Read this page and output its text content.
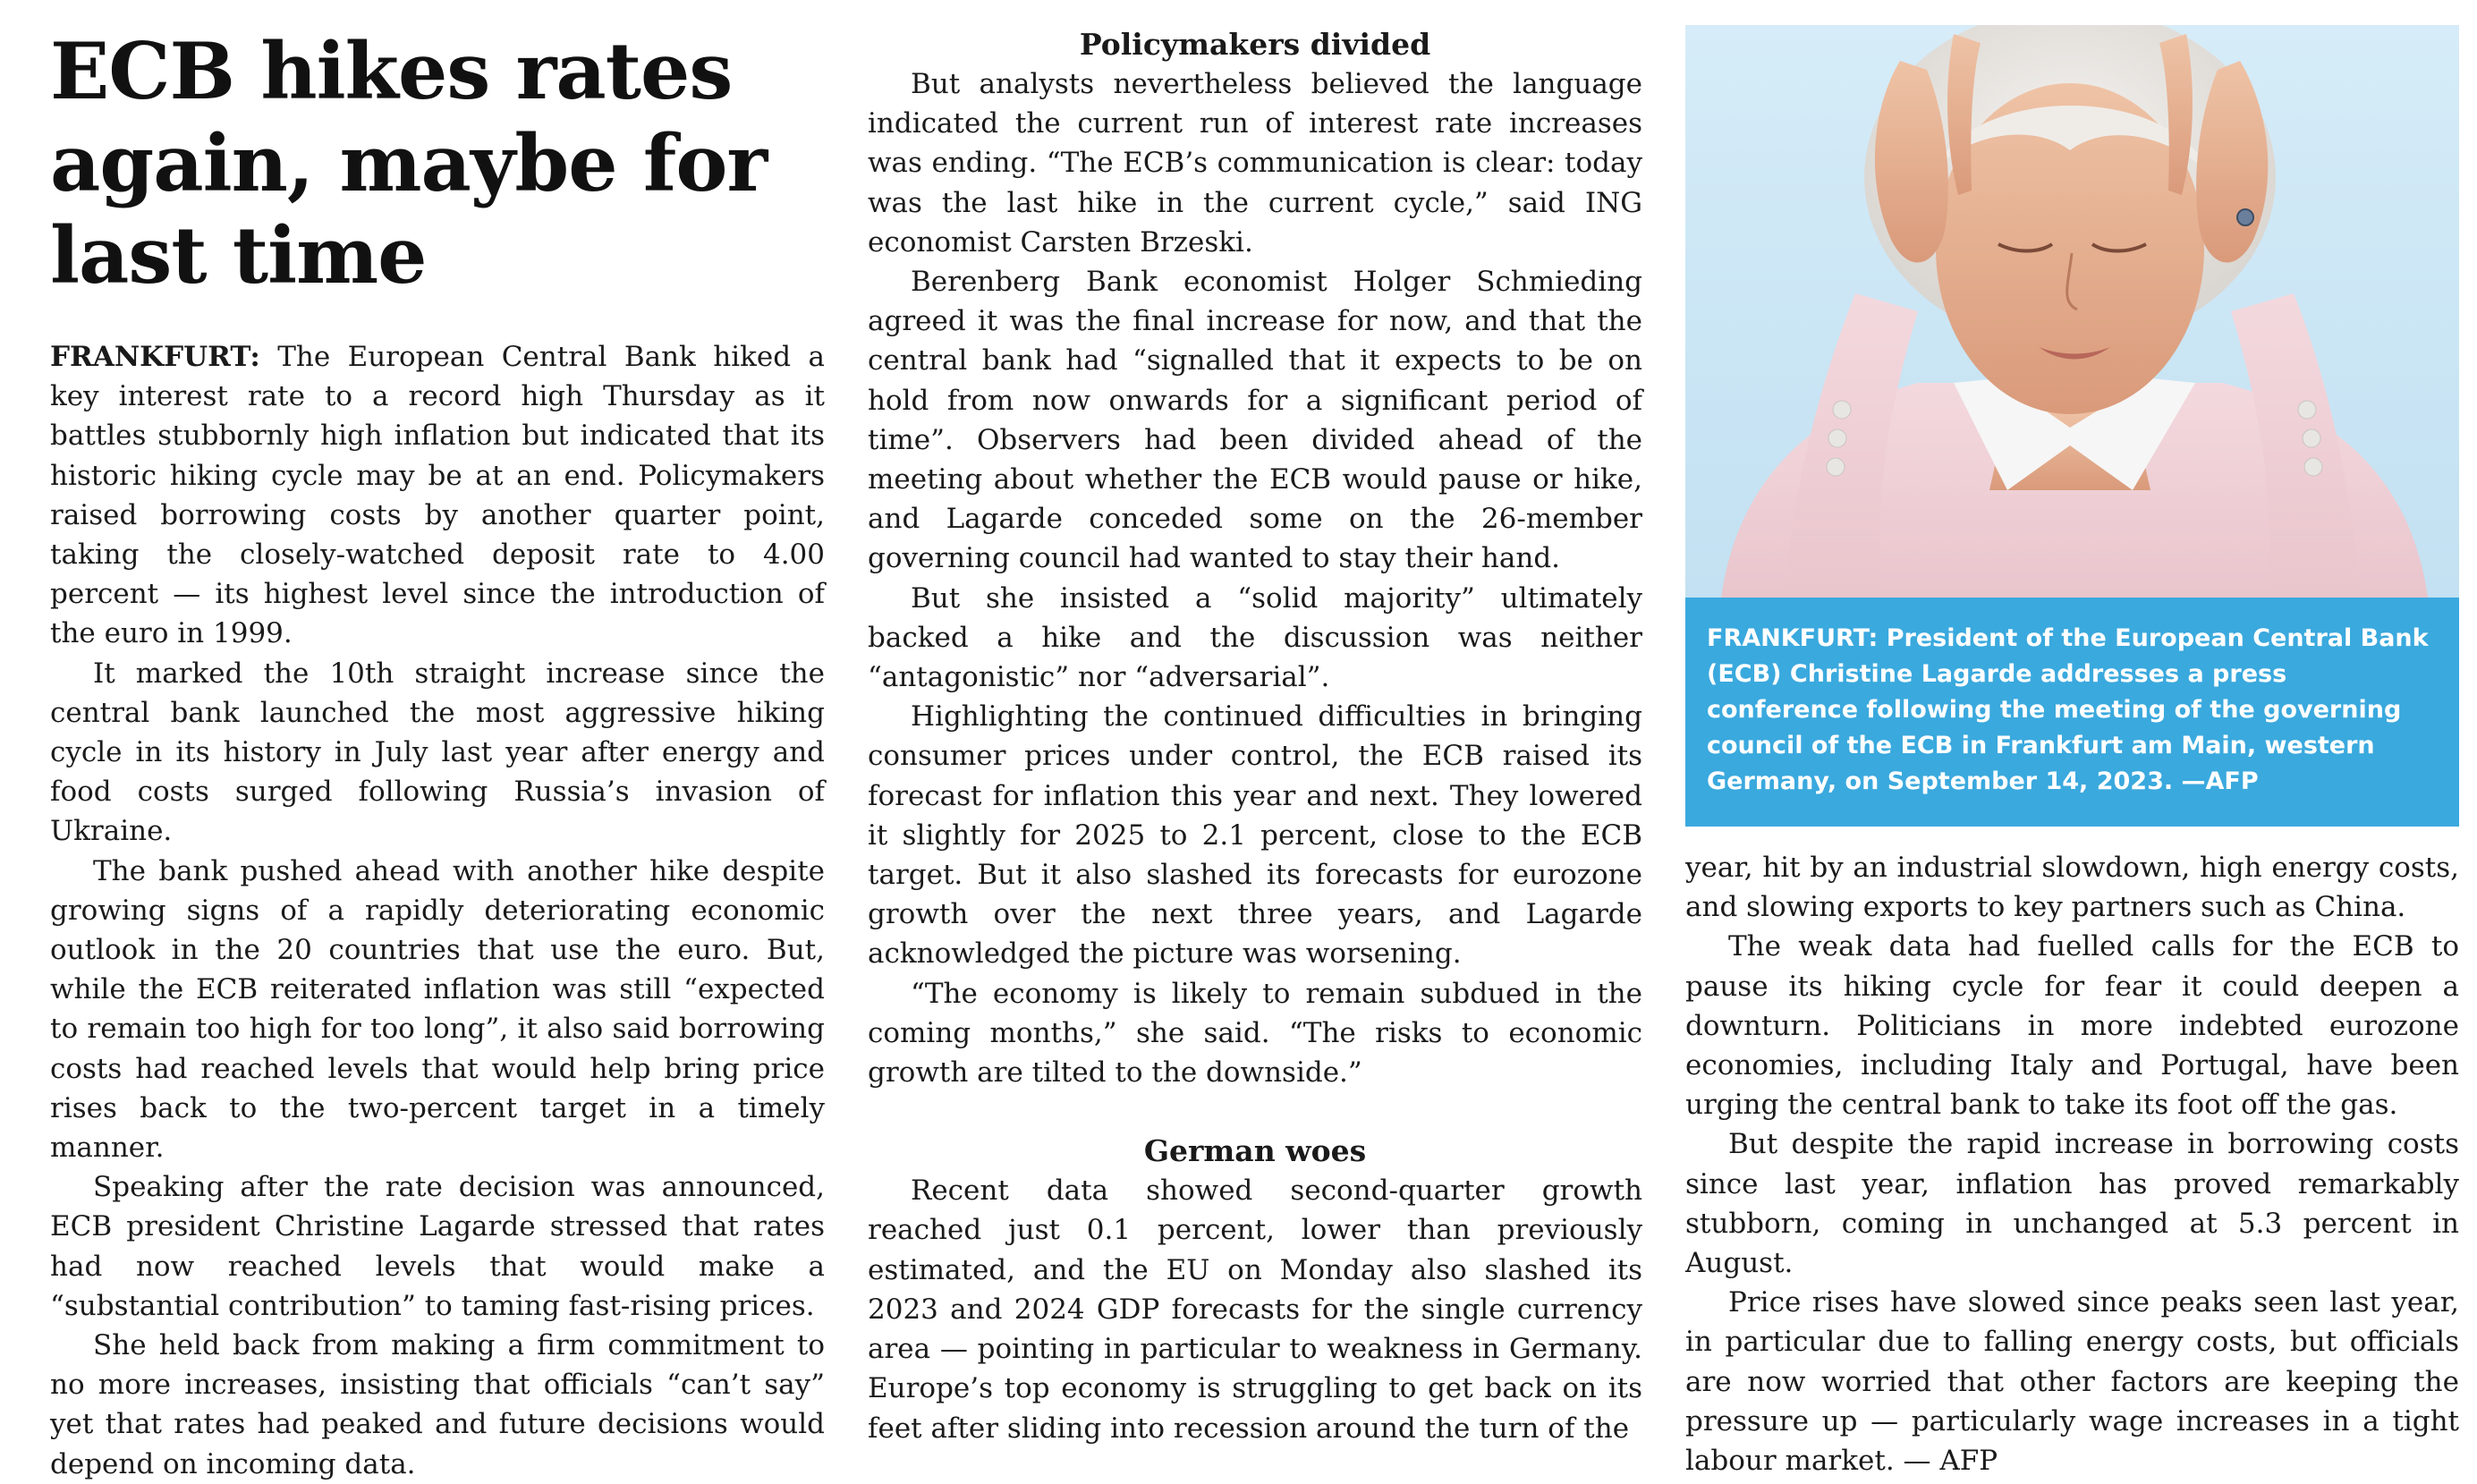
ECB hikes rates again, maybe for last time

FRANKFURT: The European Central Bank hiked a key interest rate to a record high Thursday as it battles stubbornly high inflation but indicated that its historic hiking cycle may be at an end. Policymakers raised borrowing costs by another quarter point, taking the closely-watched deposit rate to 4.00 percent — its highest level since the introduction of the euro in 1999.

It marked the 10th straight increase since the central bank launched the most aggressive hiking cycle in its history in July last year after energy and food costs surged following Russia’s invasion of Ukraine.

The bank pushed ahead with another hike despite growing signs of a rapidly deteriorating economic outlook in the 20 countries that use the euro. But, while the ECB reiterated inflation was still “expected to remain too high for too long”, it also said borrowing costs had reached levels that would help bring price rises back to the two-percent target in a timely manner.

Speaking after the rate decision was announced, ECB president Christine Lagarde stressed that rates had now reached levels that would make a “substantial contribution” to taming fast-rising prices.

She held back from making a firm commitment to no more increases, insisting that officials “can’t say” yet that rates had peaked and future decisions would depend on incoming data.

Policymakers divided

But analysts nevertheless believed the language indicated the current run of interest rate increases was ending. “The ECB’s communication is clear: today was the last hike in the current cycle,” said ING economist Carsten Brzeski.

Berenberg Bank economist Holger Schmieding agreed it was the final increase for now, and that the central bank had “signalled that it expects to be on hold from now onwards for a significant period of time”. Observers had been divided ahead of the meeting about whether the ECB would pause or hike, and Lagarde conceded some on the 26-member governing council had wanted to stay their hand.

But she insisted a “solid majority” ultimately backed a hike and the discussion was neither “antagonistic” nor “adversarial”.

Highlighting the continued difficulties in bringing consumer prices under control, the ECB raised its forecast for inflation this year and next. They lowered it slightly for 2025 to 2.1 percent, close to the ECB target. But it also slashed its forecasts for eurozone growth over the next three years, and Lagarde acknowledged the picture was worsening.

“The economy is likely to remain subdued in the coming months,” she said. “The risks to economic growth are tilted to the downside.”

German woes

Recent data showed second-quarter growth reached just 0.1 percent, lower than previously estimated, and the EU on Monday also slashed its 2023 and 2024 GDP forecasts for the single currency area — pointing in particular to weakness in Germany. Europe’s top economy is struggling to get back on its feet after sliding into recession around the turn of the

FRANKFURT: President of the European Central Bank (ECB) Christine Lagarde addresses a press conference following the meeting of the governing council of the ECB in Frankfurt am Main, western Germany, on September 14, 2023. —AFP

year, hit by an industrial slowdown, high energy costs, and slowing exports to key partners such as China.

The weak data had fuelled calls for the ECB to pause its hiking cycle for fear it could deepen a downturn. Politicians in more indebted eurozone economies, including Italy and Portugal, have been urging the central bank to take its foot off the gas.

But despite the rapid increase in borrowing costs since last year, inflation has proved remarkably stubborn, coming in unchanged at 5.3 percent in August.

Price rises have slowed since peaks seen last year, in particular due to falling energy costs, but officials are now worried that other factors are keeping the pressure up — particularly wage increases in a tight labour market. — AFP
